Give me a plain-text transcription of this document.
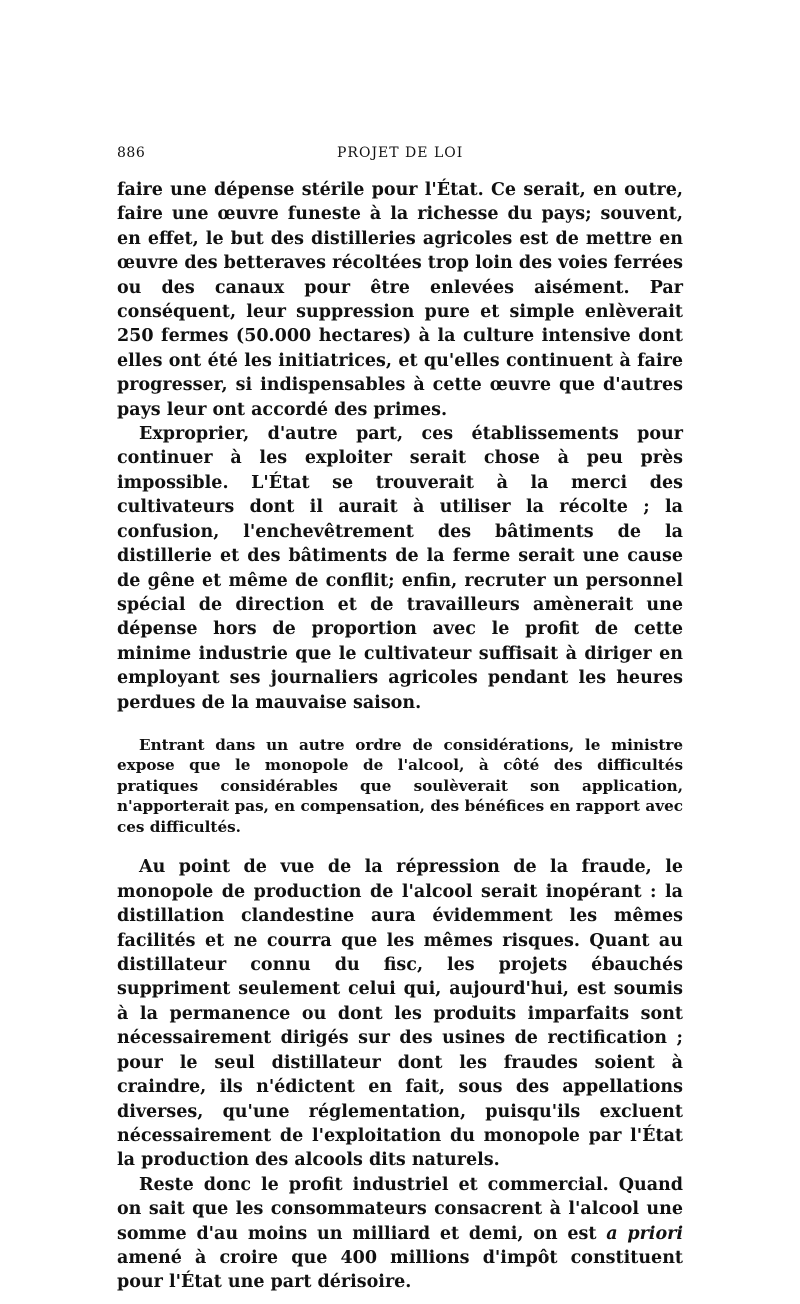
886	PROJET DE LOI

faire une dépense stérile pour l'État. Ce serait, en outre, faire une œuvre funeste à la richesse du pays; souvent, en effet, le but des distilleries agricoles est de mettre en œuvre des betteraves récoltées trop loin des voies ferrées ou des canaux pour être enlevées aisément. Par conséquent, leur suppression pure et simple enlèverait 250 fermes (50.000 hectares) à la culture intensive dont elles ont été les initiatrices, et qu'elles continuent à faire progresser, si indispensables à cette œuvre que d'autres pays leur ont accordé des primes.

Exproprier, d'autre part, ces établissements pour continuer à les exploiter serait chose à peu près impossible. L'État se trouverait à la merci des cultivateurs dont il aurait à utiliser la récolte ; la confusion, l'enchevêtrement des bâtiments de la distillerie et des bâtiments de la ferme serait une cause de gêne et même de conflit; enfin, recruter un personnel spécial de direction et de travailleurs amènerait une dépense hors de proportion avec le profit de cette minime industrie que le cultivateur suffisait à diriger en employant ses journaliers agricoles pendant les heures perdues de la mauvaise saison.

Entrant dans un autre ordre de considérations, le ministre expose que le monopole de l'alcool, à côté des difficultés pratiques considérables que soulèverait son application, n'apporterait pas, en compensation, des bénéfices en rapport avec ces difficultés.

Au point de vue de la répression de la fraude, le monopole de production de l'alcool serait inopérant : la distillation clandestine aura évidemment les mêmes facilités et ne courra que les mêmes risques. Quant au distillateur connu du fisc, les projets ébauchés suppriment seulement celui qui, aujourd'hui, est soumis à la permanence ou dont les produits imparfaits sont nécessairement dirigés sur des usines de rectification ; pour le seul distillateur dont les fraudes soient à craindre, ils n'édictent en fait, sous des appellations diverses, qu'une réglementation, puisqu'ils excluent nécessairement de l'exploitation du monopole par l'État la production des alcools dits naturels.

Reste donc le profit industriel et commercial. Quand on sait que les consommateurs consacrent à l'alcool une somme d'au moins un milliard et demi, on est a priori amené à croire que 400 millions d'impôt constituent pour l'État une part dérisoire.
